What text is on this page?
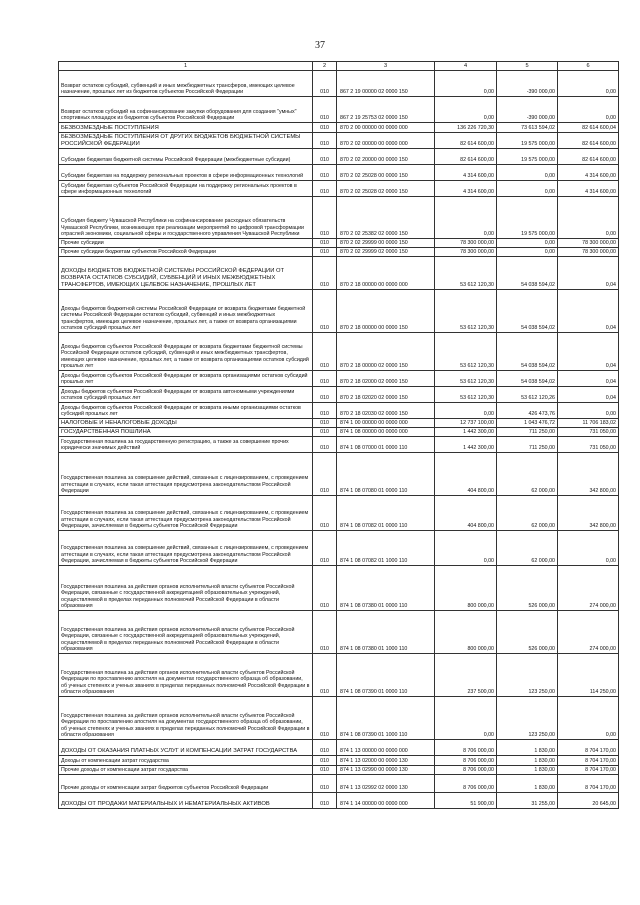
37
1	2	3	4	5	6

Возврат остатков субсидий, субвенций и иных межбюджетных трансферов, имеющих целевое назначение, прошлых лет из бюджетов субъектов Российской Федерации	010	867 2 19 00000 02 0000 150	0,00	-390 000,00	0,00

Возврат остатков субсидий на софинансирование закупки оборудования для создания "умных" спортивных площадок из бюджетов субъектов Российской Федерации	010	867 2 19 25753 02 0000 150	0,00	-390 000,00	0,00

БЕЗВОЗМЕЗДНЫЕ ПОСТУПЛЕНИЯ	010	870 2 00 00000 00 0000 000	136 226 720,30	73 613 594,02	82 614 600,04

БЕЗВОЗМЕЗДНЫЕ ПОСТУПЛЕНИЯ ОТ ДРУГИХ БЮДЖЕТОВ БЮДЖЕТНОЙ СИСТЕМЫ РОССИЙСКОЙ ФЕДЕРАЦИИ	010	870 2 02 00000 00 0000 000	82 614 600,00	19 575 000,00	82 614 600,00

Субсидии бюджетам бюджетной системы Российской Федерации (межбюджетные субсидии)	010	870 2 02 20000 00 0000 150	82 614 600,00	19 575 000,00	82 614 600,00

Субсидии бюджетам на поддержку региональных проектов в сфере информационных технологий	010	870 2 02 25028 00 0000 150	4 314 600,00	0,00	4 314 600,00

Субсидии бюджетам субъектов Российской Федерации на поддержку региональных проектов в сфере информационных технологий	010	870 2 02 25028 02 0000 150	4 314 600,00	0,00	4 314 600,00

Субсидия бюджету Чувашской Республики на софинансирование расходных обязательств Чувашской Республики, возникающих при реализации мероприятий по цифровой трансформации отраслей экономики, социальной сферы и государственного управления Чувашской Республики	010	870 2 02 25382 02 0000 150	0,00	19 575 000,00	0,00

Прочие субсидии	010	870 2 02 29999 00 0000 150	78 300 000,00	0,00	78 300 000,00

Прочие субсидии бюджетам субъектов Российской Федерации	010	870 2 02 29999 02 0000 150	78 300 000,00	0,00	78 300 000,00

ДОХОДЫ БЮДЖЕТОВ БЮДЖЕТНОЙ СИСТЕМЫ РОССИЙСКОЙ ФЕДЕРАЦИИ ОТ ВОЗВРАТА ОСТАТКОВ СУБСИДИЙ, СУБВЕНЦИЙ И ИНЫХ МЕЖБЮДЖЕТНЫХ ТРАНСФЕРТОВ, ИМЕЮЩИХ ЦЕЛЕВОЕ НАЗНАЧЕНИЕ, ПРОШЛЫХ ЛЕТ	010	870 2 18 00000 00 0000 000	53 612 120,30	54 038 594,02	0,04

Доходы бюджетов бюджетной системы Российской Федерации от возврата бюджетами бюджетной системы Российской Федерации остатков субсидий, субвенций и иных межбюджетных трансфертов, имеющих целевое назначение, прошлых лет, а также от возврата организациями остатков субсидий прошлых лет	010	870 2 18 00000 00 0000 150	53 612 120,30	54 038 594,02	0,04

Доходы бюджетов субъектов Российской Федерации от возврата бюджетами бюджетной системы Российской Федерации остатков субсидий, субвенций и иных межбюджетных трансфертов, имеющих целевое назначение, прошлых лет, а также от возврата организациями остатков субсидий прошлых лет	010	870 2 18 00000 02 0000 150	53 612 120,30	54 038 594,02	0,04

Доходы бюджетов субъектов Российской Федерации от возврата организациями остатков субсидий прошлых лет	010	870 2 18 02000 02 0000 150	53 612 120,30	54 038 594,02	0,04

Доходы бюджетов субъектов Российской Федерации от возврата автономными учреждениями остатков субсидий прошлых лет	010	870 2 18 02020 02 0000 150	53 612 120,30	53 612 120,26	0,04

Доходы бюджетов субъектов Российской Федерации от возврата иными организациями остатков субсидий прошлых лет	010	870 2 18 02030 02 0000 150	0,00	426 473,76	0,00

НАЛОГОВЫЕ И НЕНАЛОГОВЫЕ ДОХОДЫ	010	874 1 00 00000 00 0000 000	12 737 100,00	1 043 476,72	11 706 183,02

ГОСУДАРСТВЕННАЯ ПОШЛИНА	010	874 1 08 00000 00 0000 000	1 442 300,00	711 250,00	731 050,00

Государственная пошлина за государственную регистрацию, а также за совершение прочих юридически значимых действий	010	874 1 08 07000 01 0000 110	1 442 300,00	711 250,00	731 050,00

Государственная пошлина за совершение действий, связанных с лицензированием, с проведением аттестации в случаях, если такая аттестация предусмотрена законодательством Российской Федерации	010	874 1 08 07080 01 0000 110	404 800,00	62 000,00	342 800,00

Государственная пошлина за совершение действий, связанных с лицензированием, с проведением аттестации в случаях, если такая аттестация предусмотрена законодательством Российской Федерации, зачисляемая в бюджеты субъектов Российской Федерации	010	874 1 08 07082 01 0000 110	404 800,00	62 000,00	342 800,00

Государственная пошлина за совершение действий, связанных с лицензированием, с проведением аттестации в случаях, если такая аттестация предусмотрена законодательством Российской Федерации, зачисляемая в бюджеты субъектов Российской Федерации	010	874 1 08 07082 01 1000 110	0,00	62 000,00	0,00

Государственная пошлина за действия органов исполнительной власти субъектов Российской Федерации, связанные с государственной аккредитацией образовательных учреждений, осуществляемой в пределах переданных полномочий Российской Федерации в области образования	010	874 1 08 07380 01 0000 110	800 000,00	526 000,00	274 000,00

Государственная пошлина за действия органов исполнительной власти субъектов Российской Федерации, связанные с государственной аккредитацией образовательных учреждений, осуществляемой в пределах переданных полномочий Российской Федерации в области образования	010	874 1 08 07380 01 1000 110	800 000,00	526 000,00	274 000,00

Государственная пошлина за действия органов исполнительной власти субъектов Российской Федерации по проставлению апостиля на документах государственного образца об образовании, об ученых степенях и ученых званиях в пределах переданных полномочий Российской Федерации в области образования	010	874 1 08 07390 01 0000 110	237 500,00	123 250,00	114 250,00

Государственная пошлина за действия органов исполнительной власти субъектов Российской Федерации по проставлению апостиля на документах государственного образца об образовании, об ученых степенях и ученых званиях в пределах переданных полномочий Российской Федерации в области образования	010	874 1 08 07390 01 1000 110	0,00	123 250,00	0,00

ДОХОДЫ ОТ ОКАЗАНИЯ ПЛАТНЫХ УСЛУГ И КОМПЕНСАЦИИ ЗАТРАТ ГОСУДАРСТВА	010	874 1 13 00000 00 0000 000	8 706 000,00	1 830,00	8 704 170,00

Доходы от компенсации затрат государства	010	874 1 13 02000 00 0000 130	8 706 000,00	1 830,00	8 704 170,00

Прочие доходы от компенсации затрат государства	010	874 1 13 02990 00 0000 130	8 706 000,00	1 830,00	8 704 170,00

Прочие доходы от компенсации затрат бюджетов субъектов Российской Федерации	010	874 1 13 02992 02 0000 130	8 706 000,00	1 830,00	8 704 170,00

ДОХОДЫ ОТ ПРОДАЖИ МАТЕРИАЛЬНЫХ И НЕМАТЕРИАЛЬНЫХ АКТИВОВ	010	874 1 14 00000 00 0000 000	51 900,00	31 255,00	20 645,00
